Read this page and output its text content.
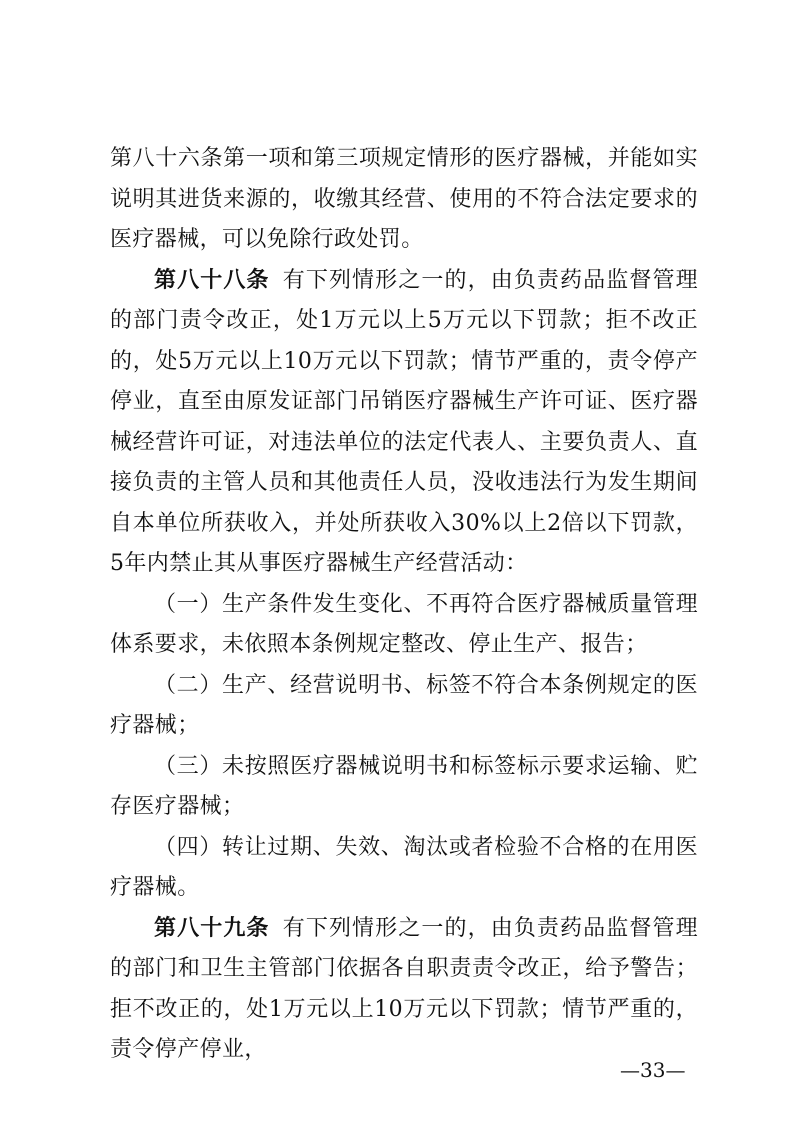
第八十六条第一项和第三项规定情形的医疗器械，并能如实说明其进货来源的，收缴其经营、使用的不符合法定要求的医疗器械，可以免除行政处罚。

第八十八条 有下列情形之一的，由负责药品监督管理的部门责令改正，处1万元以上5万元以下罚款；拒不改正的，处5万元以上10万元以下罚款；情节严重的，责令停产停业，直至由原发证部门吊销医疗器械生产许可证、医疗器械经营许可证，对违法单位的法定代表人、主要负责人、直接负责的主管人员和其他责任人员，没收违法行为发生期间自本单位所获收入，并处所获收入30%以上2倍以下罚款，5年内禁止其从事医疗器械生产经营活动：

（一）生产条件发生变化、不再符合医疗器械质量管理体系要求，未依照本条例规定整改、停止生产、报告；

（二）生产、经营说明书、标签不符合本条例规定的医疗器械；

（三）未按照医疗器械说明书和标签标示要求运输、贮存医疗器械；

（四）转让过期、失效、淘汰或者检验不合格的在用医疗器械。

第八十九条 有下列情形之一的，由负责药品监督管理的部门和卫生主管部门依据各自职责责令改正，给予警告；拒不改正的，处1万元以上10万元以下罚款；情节严重的，责令停产停业，

—33—
